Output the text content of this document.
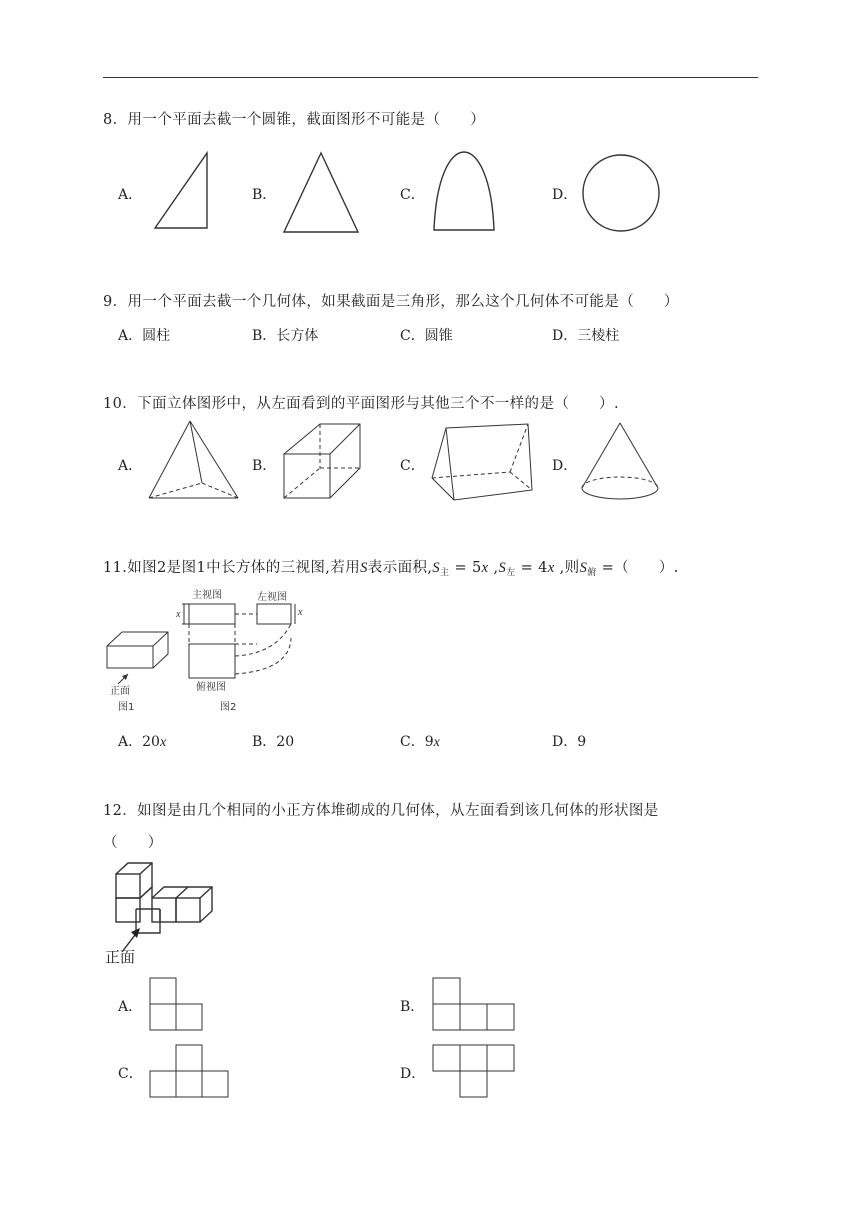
8．用一个平面去截一个圆锥，截面图形不可能是（　　）
A．	B．	C．	D．
9．用一个平面去截一个几何体，如果截面是三角形，那么这个几何体不可能是（　　）
A．圆柱	B．长方体	C．圆锥	D．三棱柱
10．下面立体图形中，从左面看到的平面图形与其他三个不一样的是（　　）.
A．	B．	C．	D．
11.如图2是图1中长方体的三视图,若用S表示面积$,S_主 = 5x$ $,S_左 = 4x$ ,则$S_俯$ =（　　）.
正面
图1
主视图	左视图
x	x
俯视图
图2
A．20x	B．20	C．9x	D．9
12．如图是由几个相同的小正方体堆砌成的几何体，从左面看到该几何体的形状图是
（　　）
正面
A．	B．
C．	D．
